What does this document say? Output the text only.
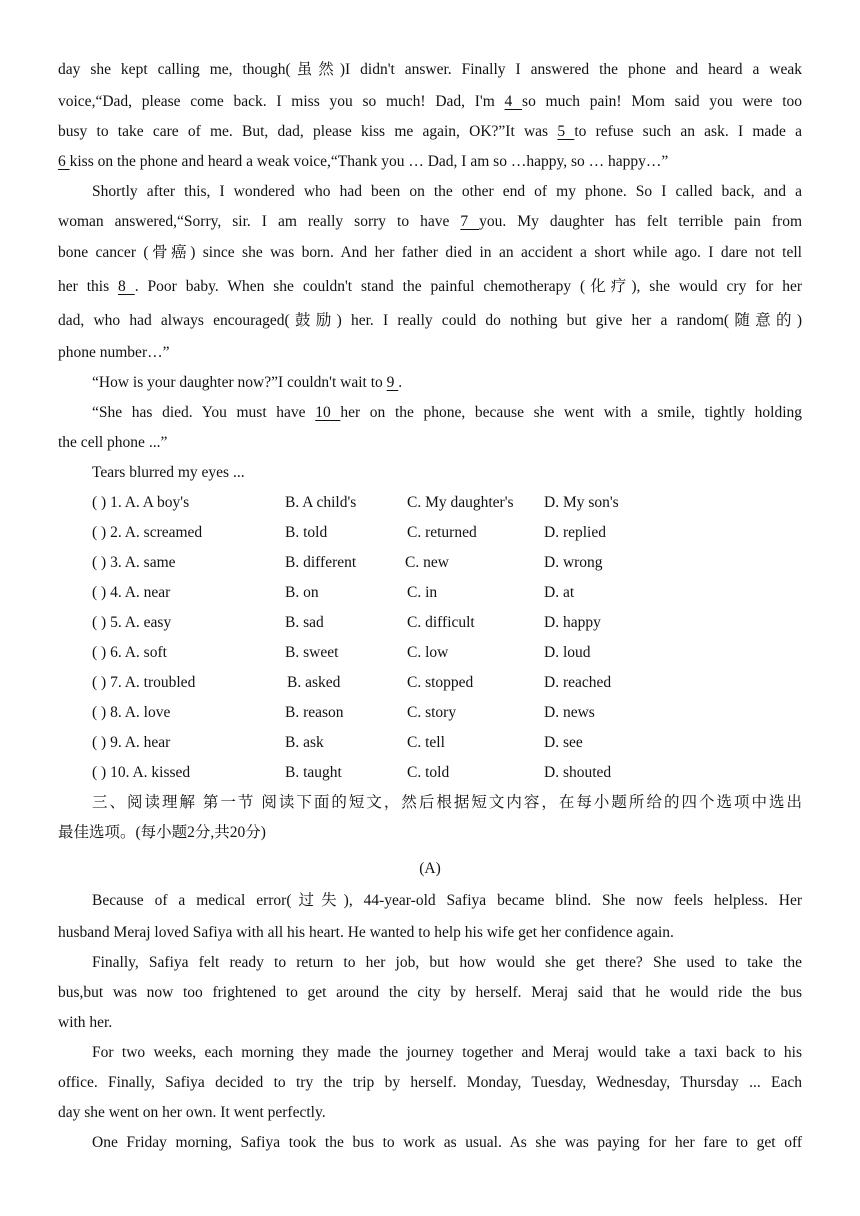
day she kept calling me, though(虽然)I didn't answer. Finally I answered the phone and heard a weak
voice,“Dad, please come back. I miss you so much! Dad, I'm 4 so much pain! Mom said you were too
busy to take care of me. But, dad, please kiss me again, OK?”It was 5 to refuse such an ask. I made a
6 kiss on the phone and heard a weak voice,“Thank you … Dad, I am so …happy, so … happy…”
Shortly after this, I wondered who had been on the other end of my phone. So I called back, and a
woman answered,“Sorry, sir. I am really sorry to have 7 you. My daughter has felt terrible pain from
bone cancer (骨癌) since she was born. And her father died in an accident a short while ago. I dare not tell
her this 8 . Poor baby. When she couldn't stand the painful chemotherapy (化疗), she would cry for her
dad, who had always encouraged(鼓励) her. I really could do nothing but give her a random(随意的)
phone number…”
“How is your daughter now?”I couldn't wait to 9 .
“She has died. You must have 10 her on the phone, because she went with a smile, tightly holding
the cell phone ...”
Tears blurred my eyes ...
( ) 1. A. A boy's	B. A child's	C. My daughter's D. My son's
( ) 2. A. screamed	B. told	C. returned	D. replied
( ) 3. A. same	B. different	C. new	D. wrong
( ) 4. A. near	B. on	C. in	D. at
( ) 5. A. easy	B. sad	C. difficult	D. happy
( ) 6. A. soft	B. sweet	C. low	D. loud
( ) 7. A. troubled	B. asked	C. stopped	D. reached
( ) 8. A. love	B. reason	C. story	D. news
( ) 9. A. hear	B. ask	C. tell	D. see
( ) 10. A. kissed	B. taught	C. told	D. shouted
三、阅读理解 第一节 阅读下面的短文，然后根据短文内容，在每小题所给的四个选项中选出
最佳选项。(每小题2分,共20分)
(A)
Because of a medical error(过失), 44-year-old Safiya became blind. She now feels helpless. Her
husband Meraj loved Safiya with all his heart. He wanted to help his wife get her confidence again.
Finally, Safiya felt ready to return to her job, but how would she get there? She used to take the
bus,but was now too frightened to get around the city by herself. Meraj said that he would ride the bus
with her.
For two weeks, each morning they made the journey together and Meraj would take a taxi back to his
office. Finally, Safiya decided to try the trip by herself. Monday, Tuesday, Wednesday, Thursday ... Each
day she went on her own. It went perfectly.
One Friday morning, Safiya took the bus to work as usual. As she was paying for her fare to get off
